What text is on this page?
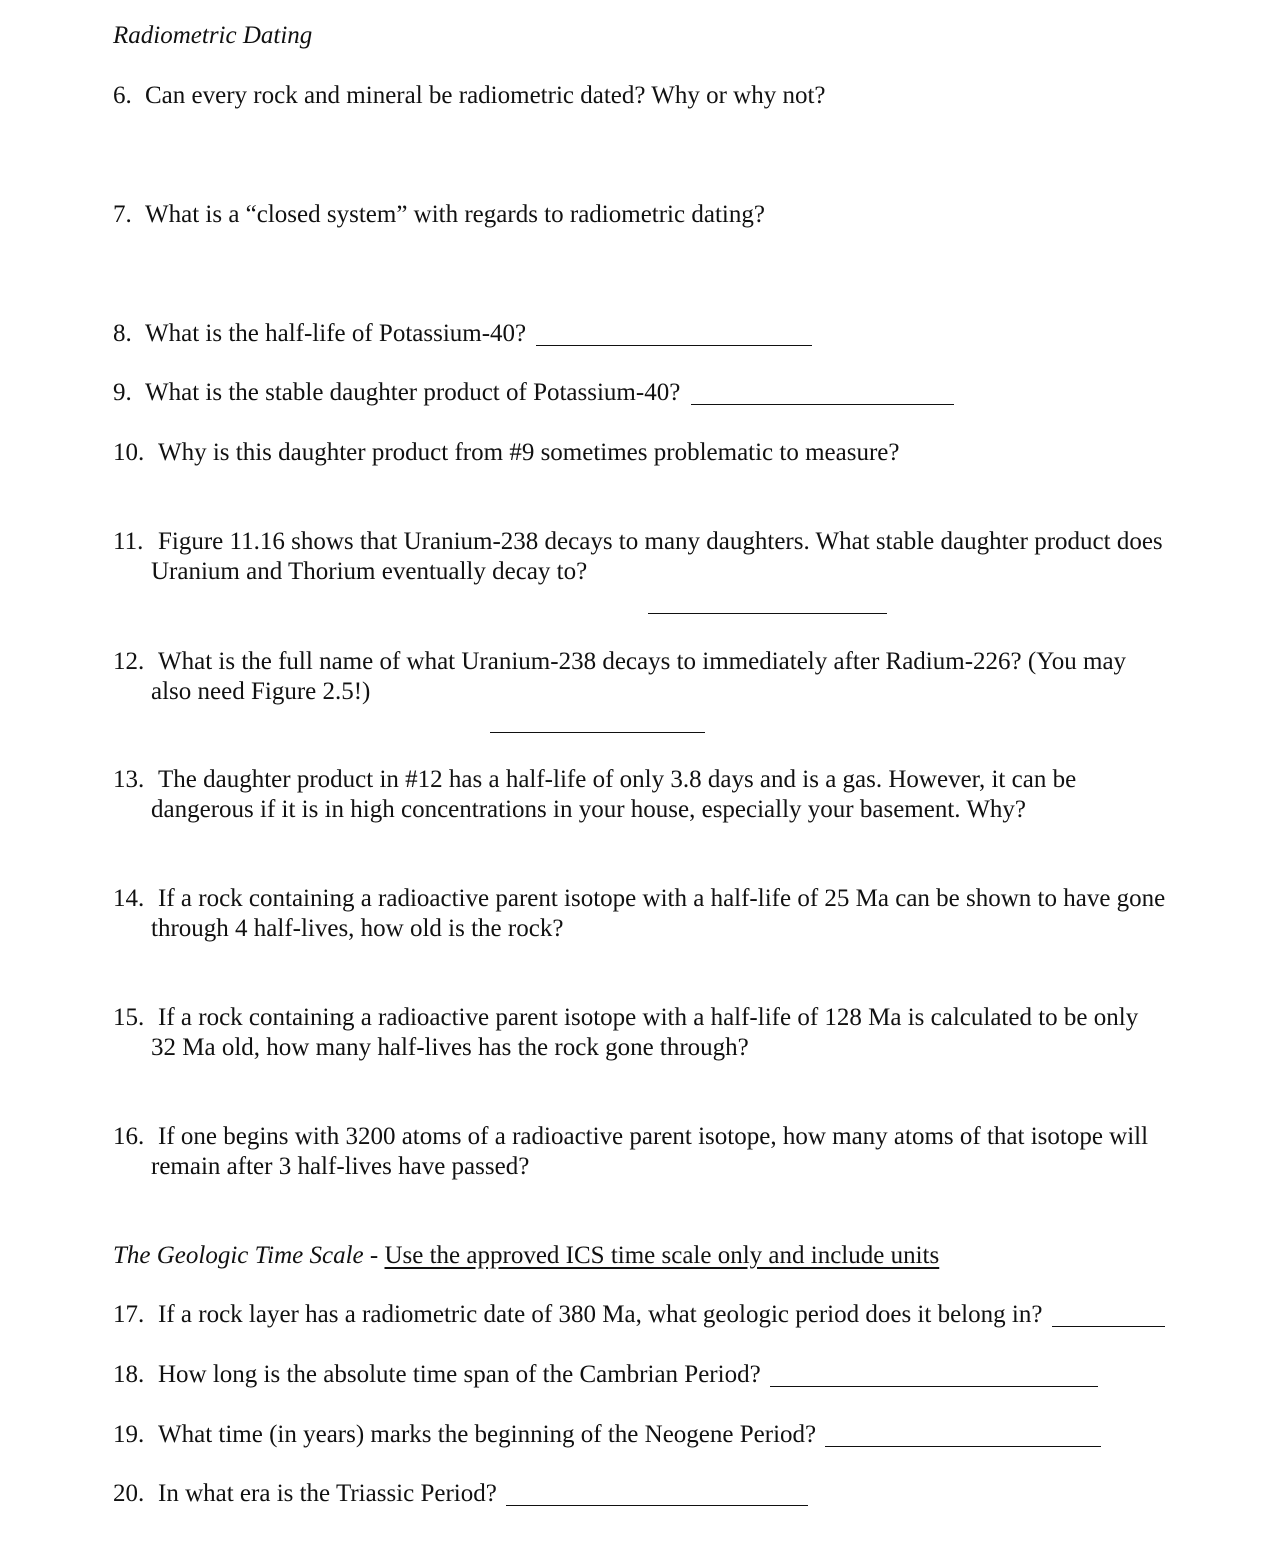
Radiometric Dating
6. Can every rock and mineral be radiometric dated? Why or why not?
7. What is a “closed system” with regards to radiometric dating?
8. What is the half-life of Potassium-40?
9. What is the stable daughter product of Potassium-40?
10. Why is this daughter product from #9 sometimes problematic to measure?
11. Figure 11.16 shows that Uranium-238 decays to many daughters. What stable daughter product does
Uranium and Thorium eventually decay to?
12. What is the full name of what Uranium-238 decays to immediately after Radium-226? (You may
also need Figure 2.5!)
13. The daughter product in #12 has a half-life of only 3.8 days and is a gas. However, it can be
dangerous if it is in high concentrations in your house, especially your basement. Why?
14. If a rock containing a radioactive parent isotope with a half-life of 25 Ma can be shown to have gone
through 4 half-lives, how old is the rock?
15. If a rock containing a radioactive parent isotope with a half-life of 128 Ma is calculated to be only
32 Ma old, how many half-lives has the rock gone through?
16. If one begins with 3200 atoms of a radioactive parent isotope, how many atoms of that isotope will
remain after 3 half-lives have passed?
The Geologic Time Scale - Use the approved ICS time scale only and include units
17. If a rock layer has a radiometric date of 380 Ma, what geologic period does it belong in?
18. How long is the absolute time span of the Cambrian Period?
19. What time (in years) marks the beginning of the Neogene Period?
20. In what era is the Triassic Period?
